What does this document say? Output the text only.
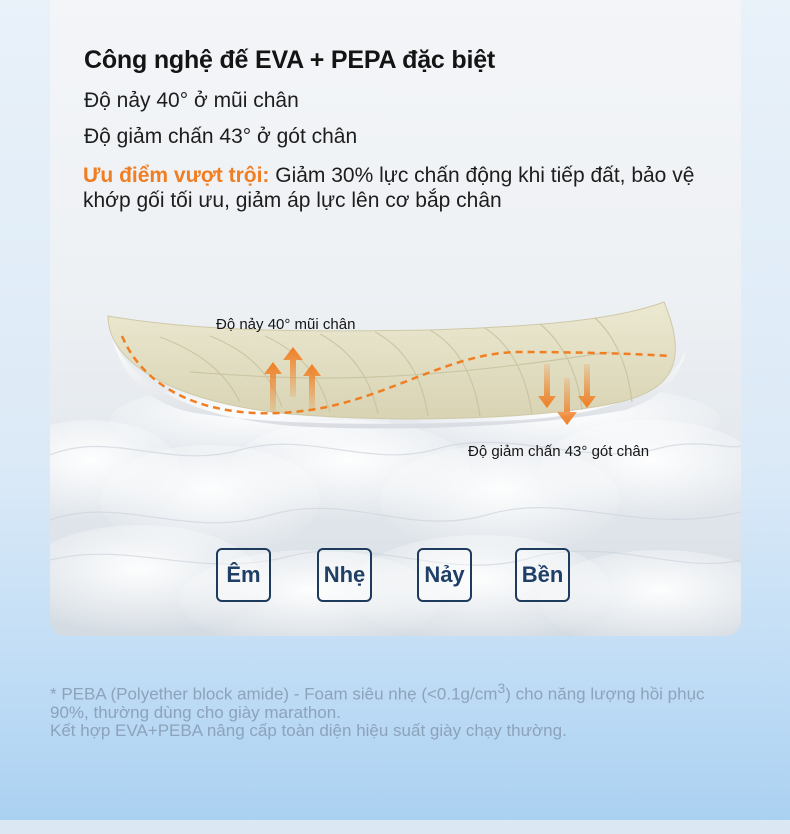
Công nghệ đế EVA + PEPA đặc biệt

Độ nảy 40° ở mũi chân

Độ giảm chấn 43° ở gót chân

Ưu điểm vượt trội: Giảm 30% lực chấn động khi tiếp đất, bảo vệ khớp gối tối ưu, giảm áp lực lên cơ bắp chân

Độ nảy 40° mũi chân
Độ giảm chấn 43° gót chân
Êm	Nhẹ	Nảy	Bền

* PEBA (Polyether block amide) - Foam siêu nhẹ $(<0.1g/cm^3)$ cho năng lượng hồi phục 90%, thường dùng cho giày marathon.
Kết hợp EVA+PEBA nâng cấp toàn diện hiệu suất giày chạy thường.
